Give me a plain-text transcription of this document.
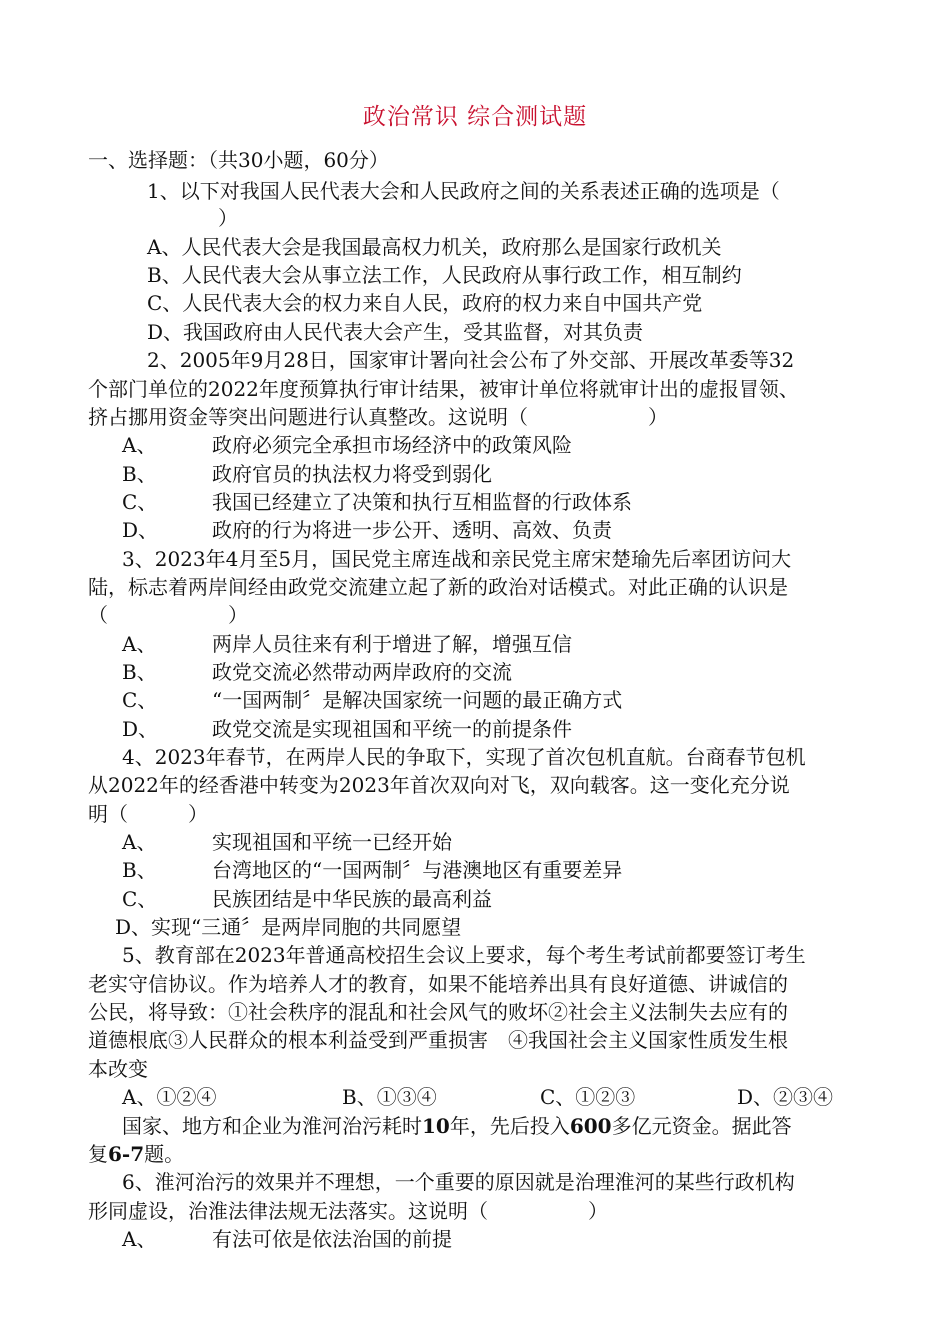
政治常识 综合测试题
一、选择题：（共30小题，60分）
1、以下对我国人民代表大会和人民政府之间的关系表述正确的选项是（
）
A、人民代表大会是我国最高权力机关，政府那么是国家行政机关
B、人民代表大会从事立法工作，人民政府从事行政工作，相互制约
C、人民代表大会的权力来自人民，政府的权力来自中国共产党
D、我国政府由人民代表大会产生，受其监督，对其负责
2、2005年9月28日，国家审计署向社会公布了外交部、开展改革委等32
个部门单位的2022年度预算执行审计结果，被审计单位将就审计出的虚报冒领、
挤占挪用资金等突出问题进行认真整改。这说明（　　　　　　）
A、	政府必须完全承担市场经济中的政策风险
B、	政府官员的执法权力将受到弱化
C、	我国已经建立了决策和执行互相监督的行政体系
D、	政府的行为将进一步公开、透明、高效、负责
3、2023年4月至5月，国民党主席连战和亲民党主席宋楚瑜先后率团访问大
陆，标志着两岸间经由政党交流建立起了新的政治对话模式。对此正确的认识是
（　　　　　　）
A、	两岸人员往来有利于增进了解，增强互信
B、	政党交流必然带动两岸政府的交流
C、	“一国两制〞是解决国家统一问题的最正确方式
D、	政党交流是实现祖国和平统一的前提条件
4、2023年春节，在两岸人民的争取下，实现了首次包机直航。台商春节包机
从2022年的经香港中转变为2023年首次双向对飞，双向载客。这一变化充分说
明（　　　）
A、	实现祖国和平统一已经开始
B、	台湾地区的“一国两制〞与港澳地区有重要差异
C、	民族团结是中华民族的最高利益
D、实现“三通〞是两岸同胞的共同愿望
5、教育部在2023年普通高校招生会议上要求，每个考生考试前都要签订考生
老实守信协议。作为培养人才的教育，如果不能培养出具有良好道德、讲诚信的
公民，将导致：①社会秩序的混乱和社会风气的败坏②社会主义法制失去应有的
道德根底③人民群众的根本利益受到严重损害　④我国社会主义国家性质发生根
本改变
A、①②④	B、①③④	C、①②③	D、②③④
国家、地方和企业为淮河治污耗时10年，先后投入600多亿元资金。据此答
复6-7题。
6、淮河治污的效果并不理想，一个重要的原因就是治理淮河的某些行政机构
形同虚设，治淮法律法规无法落实。这说明（　　　　　）
A、	有法可依是依法治国的前提
